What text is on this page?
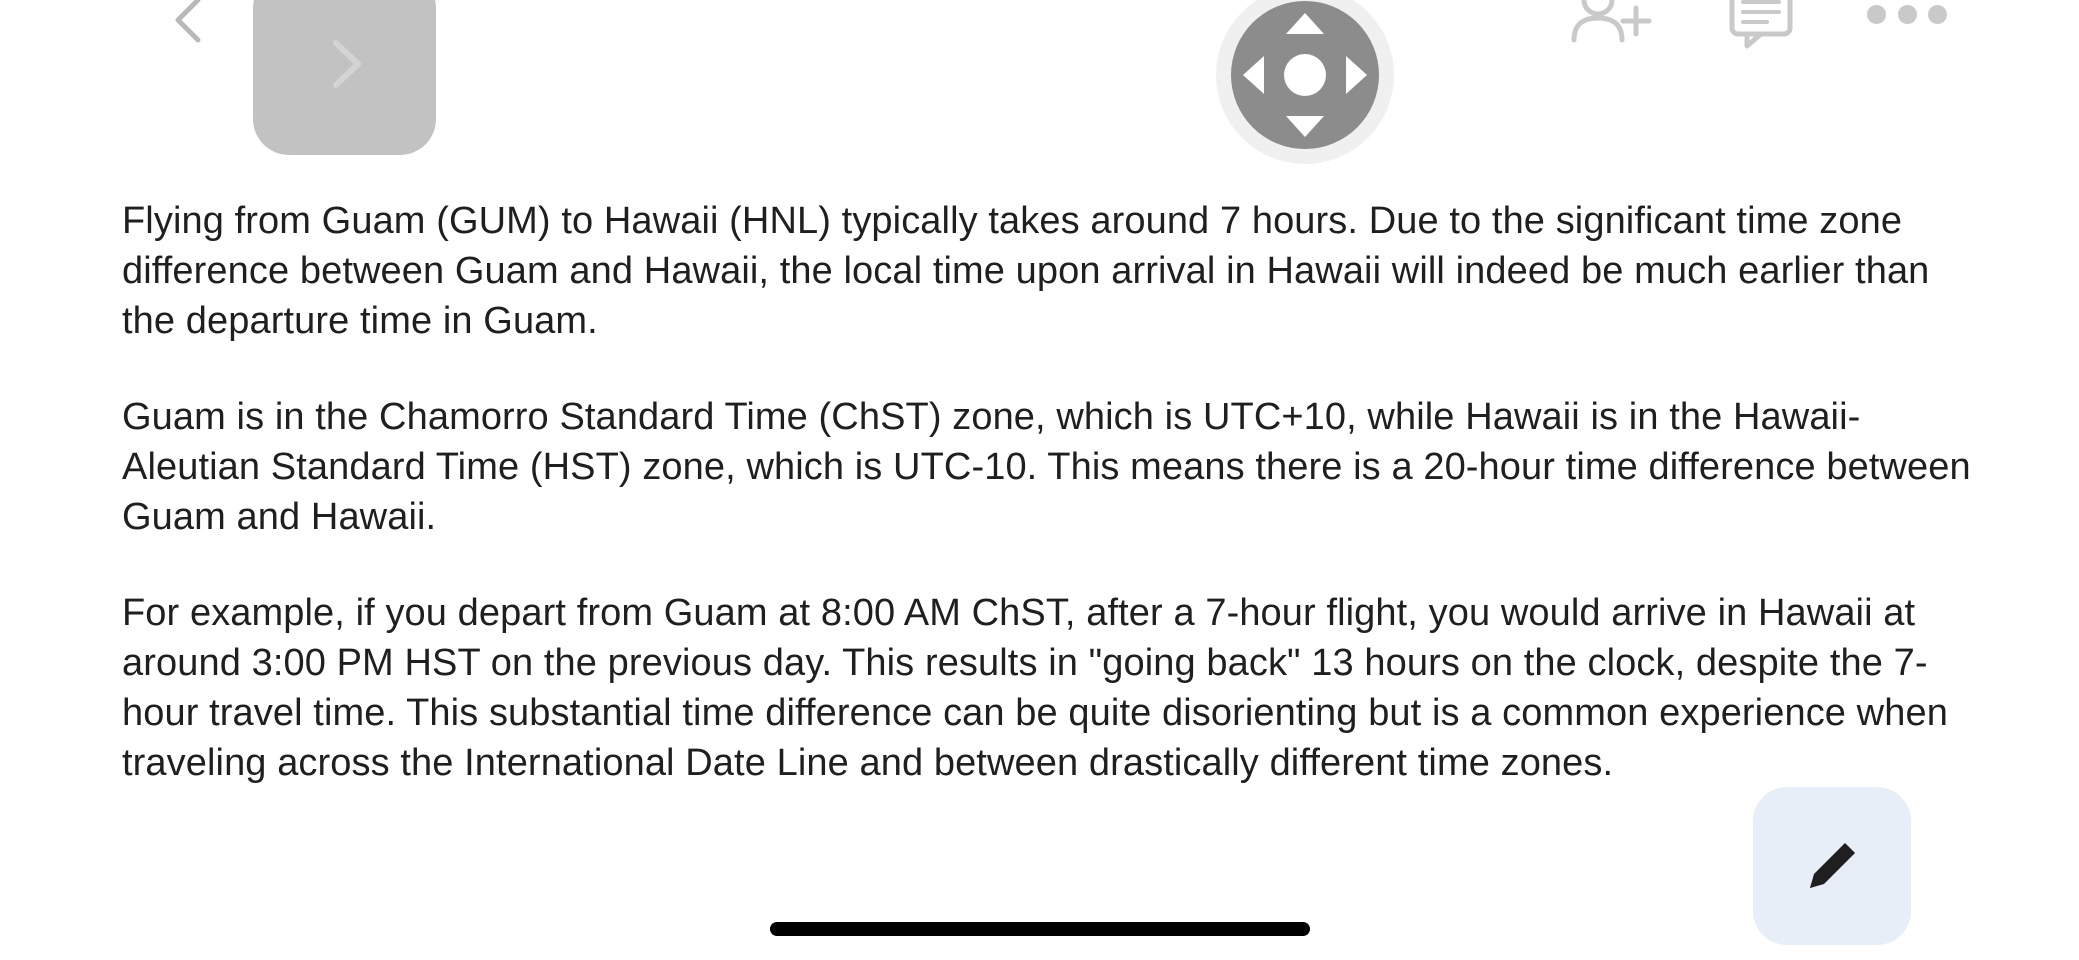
Flying from Guam (GUM) to Hawaii (HNL) typically takes around 7 hours. Due to the significant time zone difference between Guam and Hawaii, the local time upon arrival in Hawaii will indeed be much earlier than the departure time in Guam.

Guam is in the Chamorro Standard Time (ChST) zone, which is UTC+10, while Hawaii is in the Hawaii-Aleutian Standard Time (HST) zone, which is UTC-10. This means there is a 20-hour time difference between Guam and Hawaii.

For example, if you depart from Guam at 8:00 AM ChST, after a 7-hour flight, you would arrive in Hawaii at around 3:00 PM HST on the previous day. This results in "going back" 13 hours on the clock, despite the 7-hour travel time. This substantial time difference can be quite disorienting but is a common experience when traveling across the International Date Line and between drastically different time zones.
